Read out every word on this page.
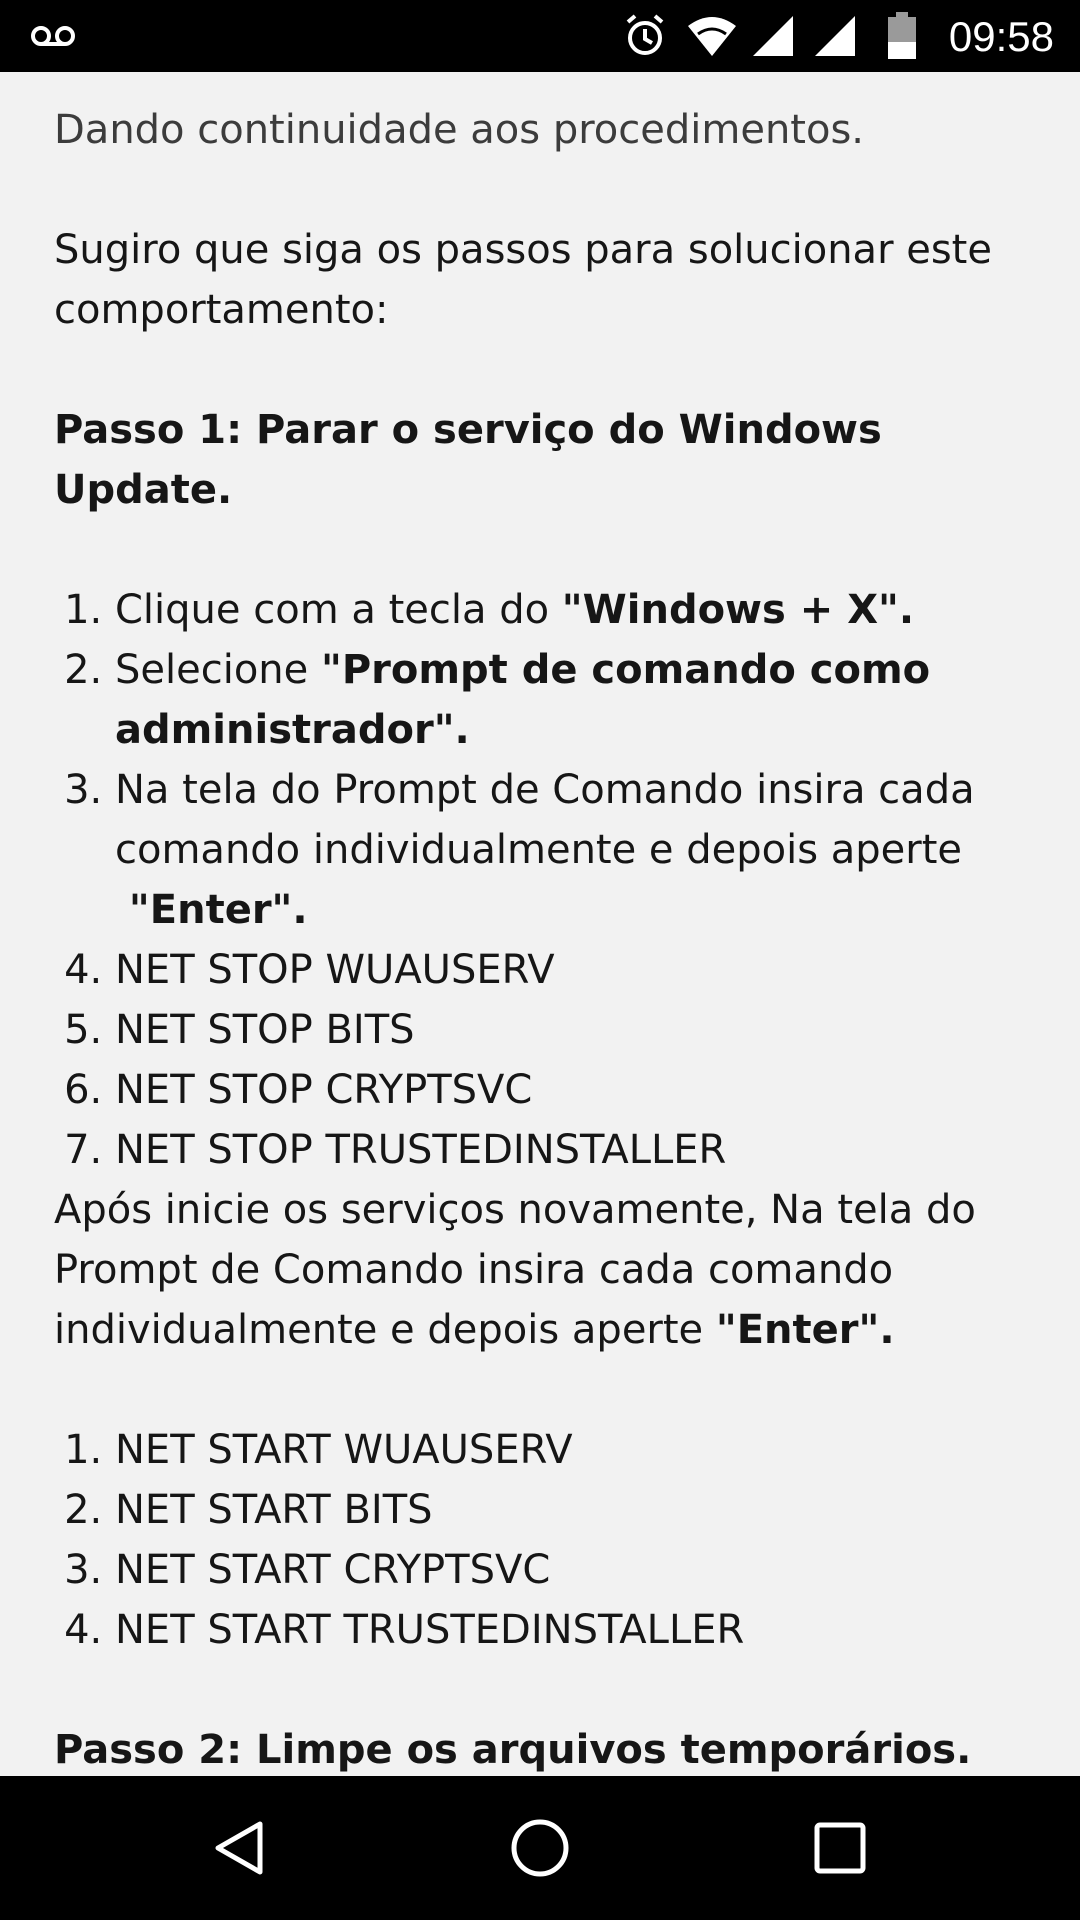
09:58

Dando continuidade aos procedimentos.

Sugiro que siga os passos para solucionar este comportamento:

Passo 1: Parar o serviço do Windows Update.

1. Clique com a tecla do "Windows + X".
2. Selecione "Prompt de comando como administrador".
3. Na tela do Prompt de Comando insira cada comando individualmente e depois aperte  "Enter".
4. NET STOP WUAUSERV
5. NET STOP BITS
6. NET STOP CRYPTSVC
7. NET STOP TRUSTEDINSTALLER

Após inicie os serviços novamente, Na tela do Prompt de Comando insira cada comando individualmente e depois aperte "Enter".

1. NET START WUAUSERV
2. NET START BITS
3. NET START CRYPTSVC
4. NET START TRUSTEDINSTALLER

Passo 2: Limpe os arquivos temporários.
